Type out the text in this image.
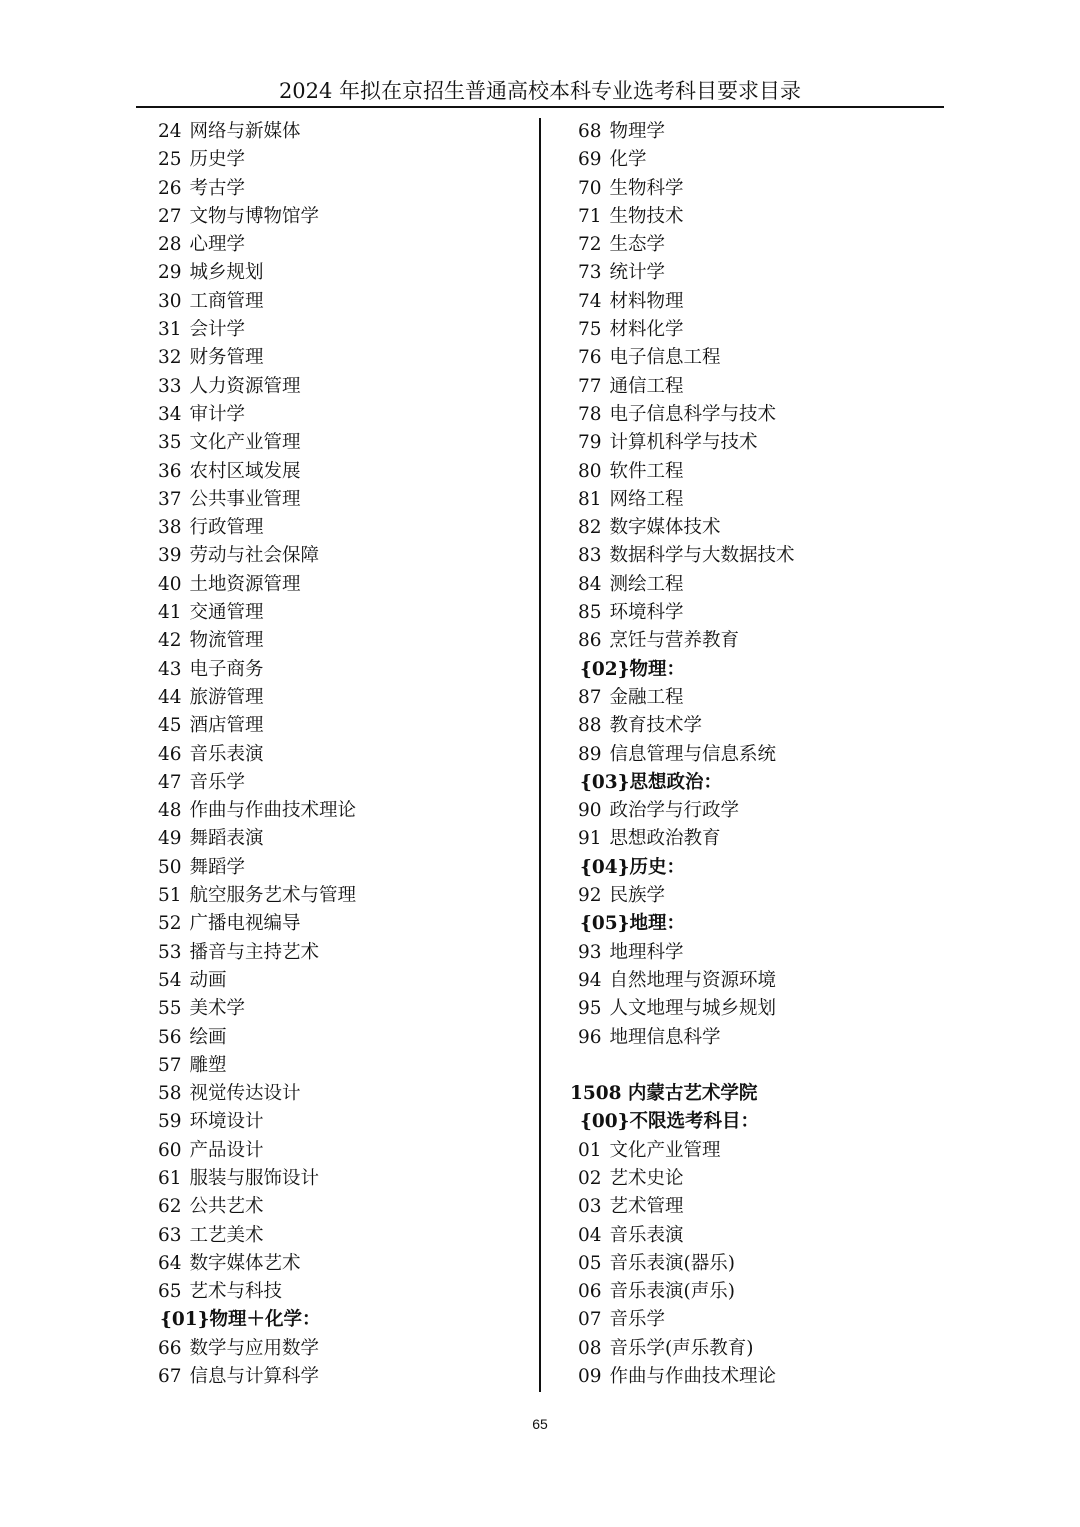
2024 年拟在京招生普通高校本科专业选考科目要求目录
24 网络与新媒体
25 历史学
26 考古学
27 文物与博物馆学
28 心理学
29 城乡规划
30 工商管理
31 会计学
32 财务管理
33 人力资源管理
34 审计学
35 文化产业管理
36 农村区域发展
37 公共事业管理
38 行政管理
39 劳动与社会保障
40 土地资源管理
41 交通管理
42 物流管理
43 电子商务
44 旅游管理
45 酒店管理
46 音乐表演
47 音乐学
48 作曲与作曲技术理论
49 舞蹈表演
50 舞蹈学
51 航空服务艺术与管理
52 广播电视编导
53 播音与主持艺术
54 动画
55 美术学
56 绘画
57 雕塑
58 视觉传达设计
59 环境设计
60 产品设计
61 服装与服饰设计
62 公共艺术
63 工艺美术
64 数字媒体艺术
65 艺术与科技
{01}物理＋化学：
66 数学与应用数学
67 信息与计算科学
68 物理学
69 化学
70 生物科学
71 生物技术
72 生态学
73 统计学
74 材料物理
75 材料化学
76 电子信息工程
77 通信工程
78 电子信息科学与技术
79 计算机科学与技术
80 软件工程
81 网络工程
82 数字媒体技术
83 数据科学与大数据技术
84 测绘工程
85 环境科学
86 烹饪与营养教育
{02}物理：
87 金融工程
88 教育技术学
89 信息管理与信息系统
{03}思想政治：
90 政治学与行政学
91 思想政治教育
{04}历史：
92 民族学
{05}地理：
93 地理科学
94 自然地理与资源环境
95 人文地理与城乡规划
96 地理信息科学
1508 内蒙古艺术学院
{00}不限选考科目：
01 文化产业管理
02 艺术史论
03 艺术管理
04 音乐表演
05 音乐表演(器乐)
06 音乐表演(声乐)
07 音乐学
08 音乐学(声乐教育)
09 作曲与作曲技术理论
65
